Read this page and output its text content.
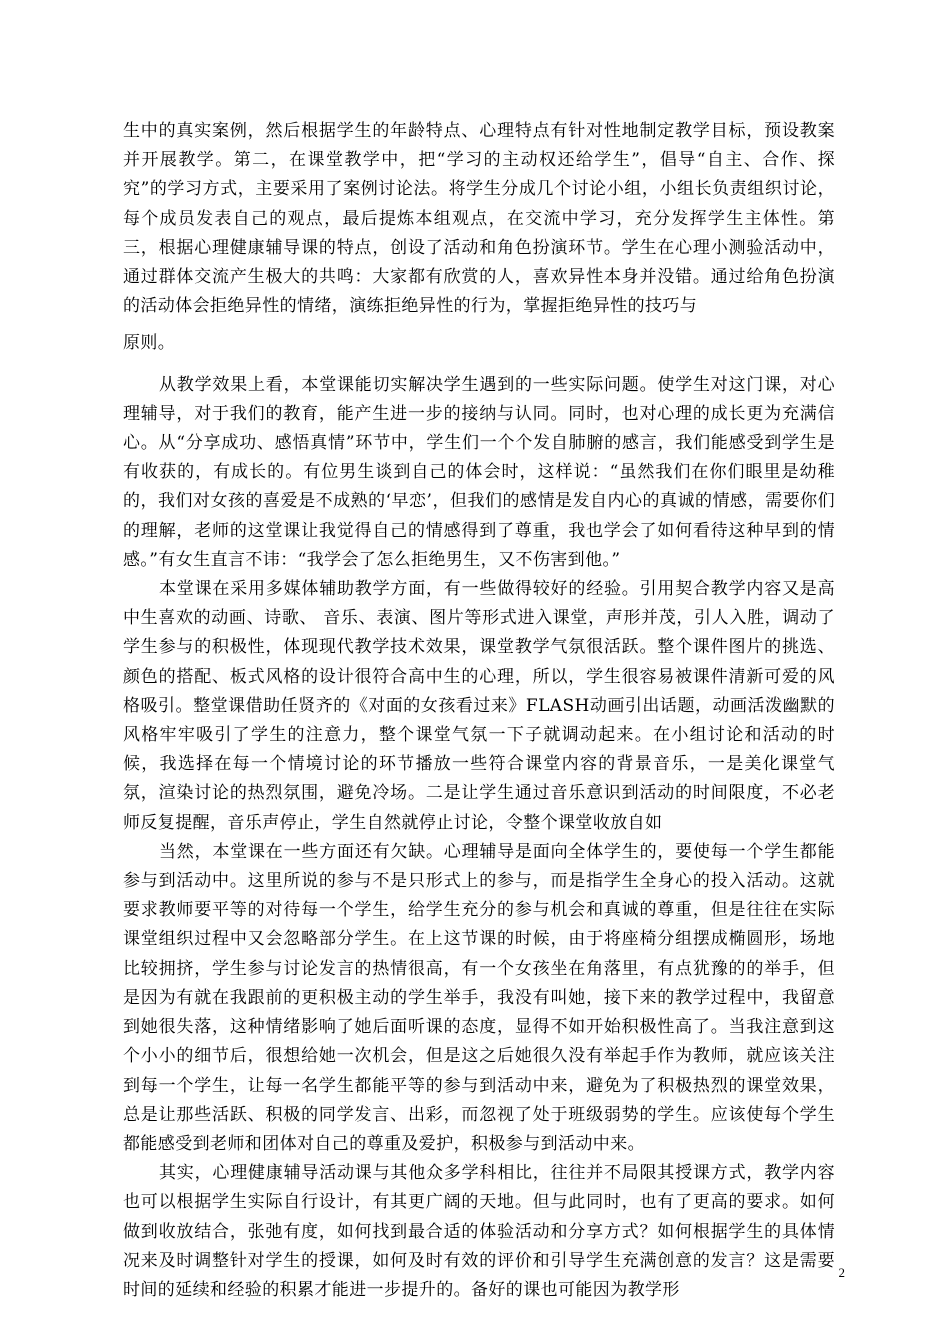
生中的真实案例，然后根据学生的年龄特点、心理特点有针对性地制定教学目标，预设教案并开展教学。第二，在课堂教学中，把“学习的主动权还给学生”，倡导“自主、合作、探究”的学习方式，主要采用了案例讨论法。将学生分成几个讨论小组，小组长负责组织讨论，每个成员发表自己的观点，最后提炼本组观点，在交流中学习，充分发挥学生主体性。第三，根据心理健康辅导课的特点，创设了活动和角色扮演环节。学生在心理小测验活动中，通过群体交流产生极大的共鸣：大家都有欣赏的人，喜欢异性本身并没错。通过给角色扮演的活动体会拒绝异性的情绪，演练拒绝异性的行为，掌握拒绝异性的技巧与

原则。

从教学效果上看，本堂课能切实解决学生遇到的一些实际问题。使学生对这门课，对心理辅导，对于我们的教育，能产生进一步的接纳与认同。同时，也对心理的成长更为充满信心。从“分享成功、感悟真情”环节中，学生们一个个发自肺腑的感言，我们能感受到学生是有收获的，有成长的。有位男生谈到自己的体会时，这样说：“虽然我们在你们眼里是幼稚的，我们对女孩的喜爱是不成熟的‘早恋’，但我们的感情是发自内心的真诚的情感，需要你们的理解，老师的这堂课让我觉得自己的情感得到了尊重，我也学会了如何看待这种早到的情感。”有女生直言不讳：“我学会了怎么拒绝男生，又不伤害到他。”

本堂课在采用多媒体辅助教学方面，有一些做得较好的经验。引用契合教学内容又是高中生喜欢的动画、诗歌、 音乐、表演、图片等形式进入课堂，声形并茂，引人入胜，调动了学生参与的积极性，体现现代教学技术效果，课堂教学气氛很活跃。整个课件图片的挑选、颜色的搭配、板式风格的设计很符合高中生的心理，所以，学生很容易被课件清新可爱的风格吸引。整堂课借助任贤齐的《对面的女孩看过来》FLASH动画引出话题，动画活泼幽默的风格牢牢吸引了学生的注意力，整个课堂气氛一下子就调动起来。在小组讨论和活动的时候，我选择在每一个情境讨论的环节播放一些符合课堂内容的背景音乐，一是美化课堂气氛，渲染讨论的热烈氛围，避免冷场。二是让学生通过音乐意识到活动的时间限度，不必老师反复提醒，音乐声停止，学生自然就停止讨论，令整个课堂收放自如

当然，本堂课在一些方面还有欠缺。心理辅导是面向全体学生的，要使每一个学生都能参与到活动中。这里所说的参与不是只形式上的参与，而是指学生全身心的投入活动。这就要求教师要平等的对待每一个学生，给学生充分的参与机会和真诚的尊重，但是往往在实际课堂组织过程中又会忽略部分学生。在上这节课的时候，由于将座椅分组摆成椭圆形，场地比较拥挤，学生参与讨论发言的热情很高，有一个女孩坐在角落里，有点犹豫的的举手，但是因为有就在我跟前的更积极主动的学生举手，我没有叫她，接下来的教学过程中，我留意到她很失落，这种情绪影响了她后面听课的态度，显得不如开始积极性高了。当我注意到这个小小的细节后，很想给她一次机会，但是这之后她很久没有举起手作为教师，就应该关注到每一个学生，让每一名学生都能平等的参与到活动中来，避免为了积极热烈的课堂效果，总是让那些活跃、积极的同学发言、出彩，而忽视了处于班级弱势的学生。应该使每个学生都能感受到老师和团体对自己的尊重及爱护，积极参与到活动中来。

其实，心理健康辅导活动课与其他众多学科相比，往往并不局限其授课方式，教学内容也可以根据学生实际自行设计，有其更广阔的天地。但与此同时，也有了更高的要求。如何做到收放结合，张弛有度，如何找到最合适的体验活动和分享方式？如何根据学生的具体情况来及时调整针对学生的授课，如何及时有效的评价和引导学生充满创意的发言？这是需要时间的延续和经验的积累才能进一步提升的。备好的课也可能因为教学形

2
